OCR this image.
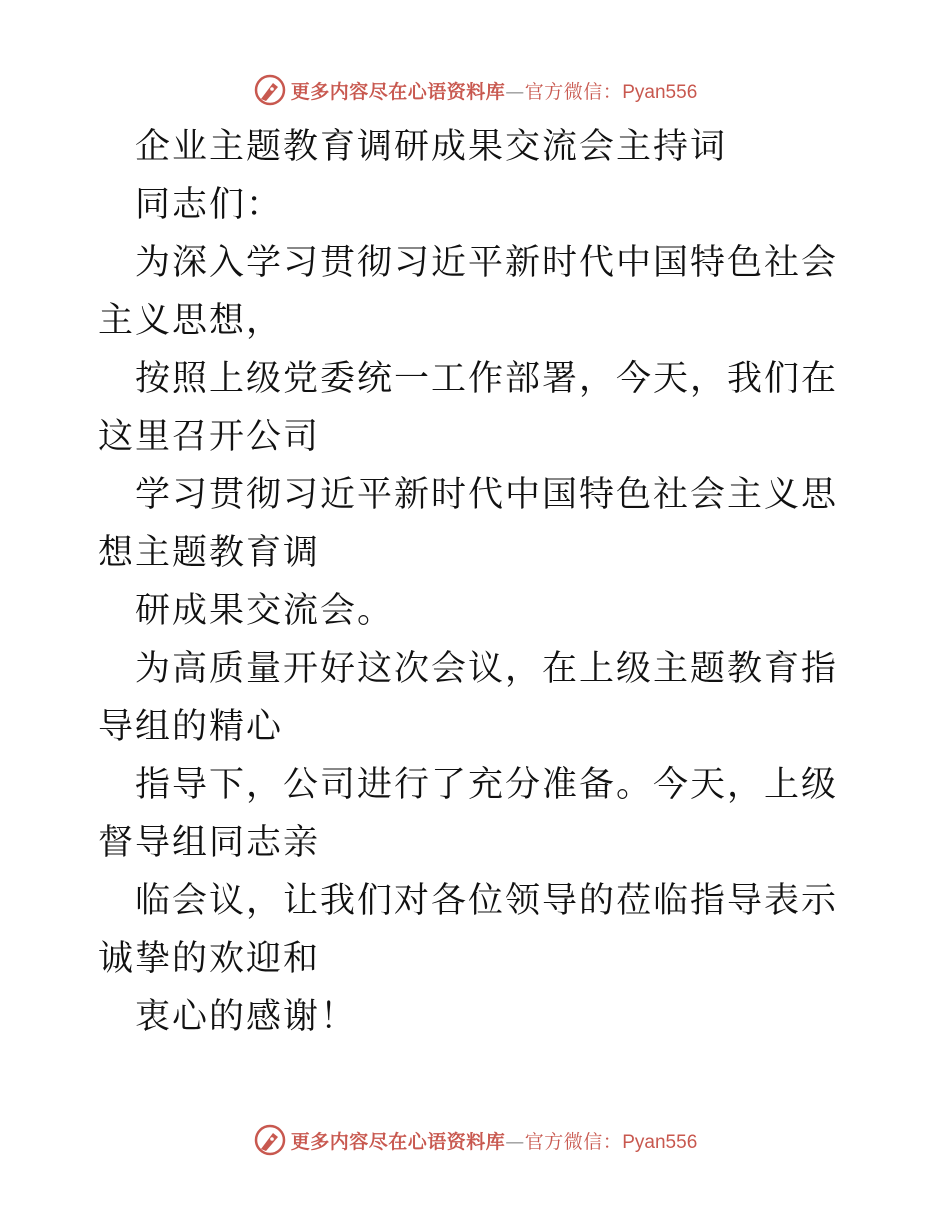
更多内容尽在心语资料库—官方微信：Pyan556

企业主题教育调研成果交流会主持词

同志们：

为深入学习贯彻习近平新时代中国特色社会主义思想，

按照上级党委统一工作部署，今天，我们在这里召开公司

学习贯彻习近平新时代中国特色社会主义思想主题教育调

研成果交流会。

为高质量开好这次会议，在上级主题教育指导组的精心

指导下，公司进行了充分准备。今天，上级督导组同志亲

临会议，让我们对各位领导的莅临指导表示诚挚的欢迎和

衷心的感谢！

更多内容尽在心语资料库—官方微信：Pyan556
